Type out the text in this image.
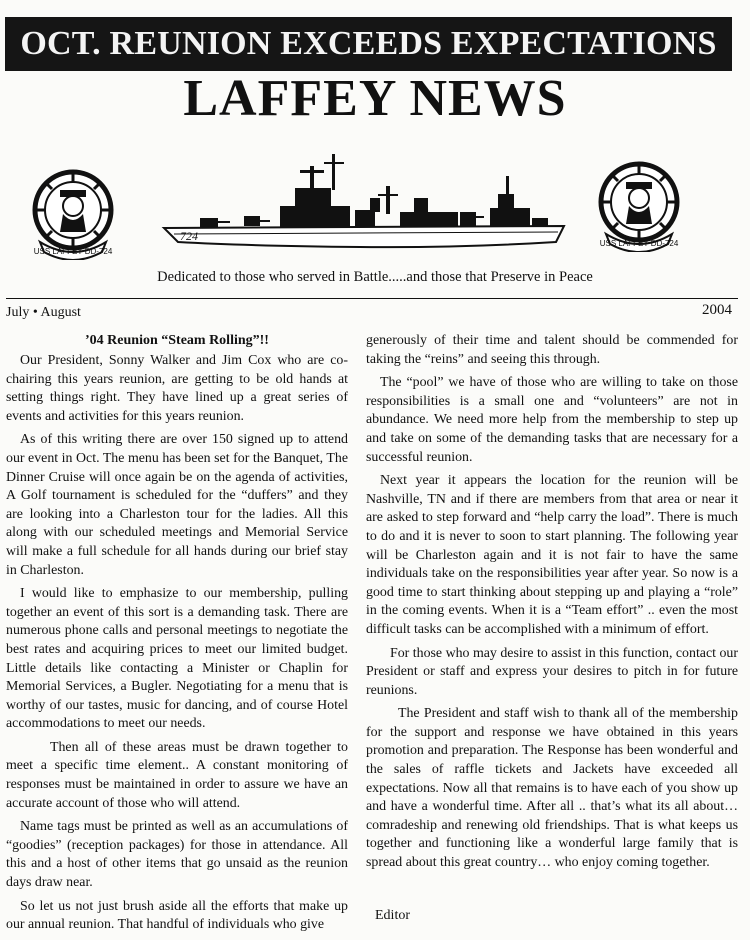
OCT. REUNION EXCEEDS EXPECTATIONS
LAFFEY NEWS
USS LAFFEY DD-724
USS LAFFEY DD-724
724
Dedicated to those who served in Battle.....and those that Preserve in Peace
July • August	2004
’04 Reunion “Steam Rolling”!!

Our President, Sonny Walker and Jim Cox who are co-chairing this years reunion, are getting to be old hands at setting things right. They have lined up a great series of events and activities for this years reunion.

As of this writing there are over 150 signed up to attend our event in Oct. The menu has been set for the Banquet, The Dinner Cruise will once again be on the agenda of activities, A Golf tournament is scheduled for the “duffers” and they are looking into a Charleston tour for the ladies. All this along with our scheduled meetings and Memorial Service will make a full schedule for all hands during our brief stay in Charleston.

I would like to emphasize to our membership, pulling together an event of this sort is a demanding task. There are numerous phone calls and personal meetings to negotiate the best rates and acquiring prices to meet our limited budget. Little details like contacting a Minister or Chaplin for Memorial Services, a Bugler. Negotiating for a menu that is worthy of our tastes, music for dancing, and of course Hotel accommodations to meet our needs.

Then all of these areas must be drawn together to meet a specific time element.. A constant monitoring of responses must be maintained in order to assure we have an accurate account of those who will attend.

Name tags must be printed as well as an accumulations of “goodies” (reception packages) for those in attendance. All this and a host of other items that go unsaid as the reunion days draw near.

So let us not just brush aside all the efforts that make up our annual reunion. That handful of individuals who give

generously of their time and talent should be commended for taking the “reins” and seeing this through.

The “pool” we have of those who are willing to take on those responsibilities is a small one and “volunteers” are not in abundance. We need more help from the membership to step up and take on some of the demanding tasks that are necessary for a successful reunion.

Next year it appears the location for the reunion will be Nashville, TN and if there are members from that area or near it are asked to step forward and “help carry the load”. There is much to do and it is never to soon to start planning. The following year will be Charleston again and it is not fair to have the same individuals take on the responsibilities year after year. So now is a good time to start thinking about stepping up and playing a “role” in the coming events. When it is a “Team effort” .. even the most difficult tasks can be accomplished with a minimum of effort.

For those who may desire to assist in this function, contact our President or staff and express your desires to pitch in for future reunions.

The President and staff wish to thank all of the membership for the support and response we have obtained in this years promotion and preparation. The Response has been wonderful and the sales of raffle tickets and Jackets have exceeded all expectations. Now all that remains is to have each of you show up and have a wonderful time. After all .. that’s what its all about… comradeship and renewing old friendships. That is what keeps us together and functioning like a wonderful large family that is spread about this great country… who enjoy coming together.

Editor
